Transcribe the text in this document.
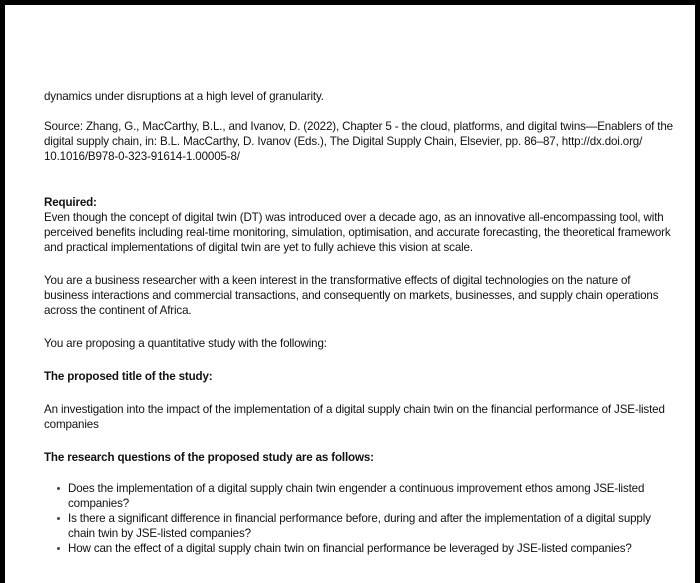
dynamics under disruptions at a high level of granularity.

Source: Zhang, G., MacCarthy, B.L., and Ivanov, D. (2022), Chapter 5 - the cloud, platforms, and digital twins—Enablers of the digital supply chain, in: B.L. MacCarthy, D. Ivanov (Eds.), The Digital Supply Chain, Elsevier, pp. 86–87, http://dx.doi.org/ 10.1016/B978-0-323-91614-1.00005-8/

Required:

Even though the concept of digital twin (DT) was introduced over a decade ago, as an innovative all-encompassing tool, with perceived benefits including real-time monitoring, simulation, optimisation, and accurate forecasting, the theoretical framework and practical implementations of digital twin are yet to fully achieve this vision at scale.

You are a business researcher with a keen interest in the transformative effects of digital technologies on the nature of business interactions and commercial transactions, and consequently on markets, businesses, and supply chain operations across the continent of Africa.

You are proposing a quantitative study with the following:

The proposed title of the study:

An investigation into the impact of the implementation of a digital supply chain twin on the financial performance of JSE-listed companies

The research questions of the proposed study are as follows:

Does the implementation of a digital supply chain twin engender a continuous improvement ethos among JSE-listed companies?
Is there a significant difference in financial performance before, during and after the implementation of a digital supply chain twin by JSE-listed companies?
How can the effect of a digital supply chain twin on financial performance be leveraged by JSE-listed companies?
